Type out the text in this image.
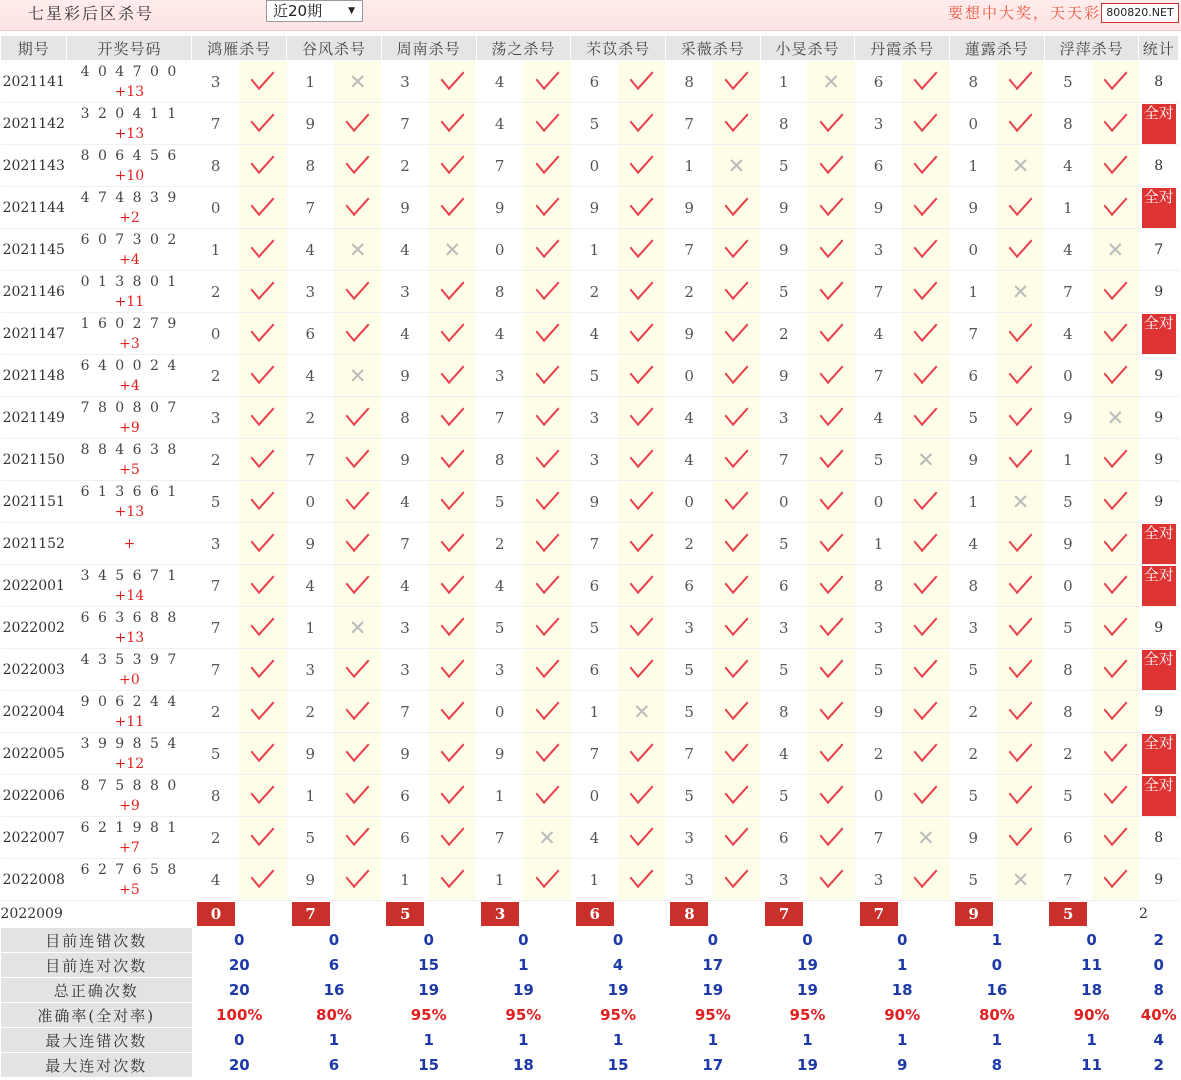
七星彩后区杀号	近20期	▼	要想中大奖，天天彩 800820.NET
期号	开奖号码	鸿雁杀号		谷风杀号		周南杀号		荡之杀号		芣苡杀号		采薇杀号		小旻杀号		丹霞杀号		蓮露杀号		浮萍杀号		统计
2021141	4 0 4 7 0 0
+13	3		1	✕	3		4		6		8		1	✕	6		8		5		8
2021142	3 2 0 4 1 1
+13	7		9		7		4		5		7		8		3		0		8		全对
2021143	8 0 6 4 5 6
+10	8		8		2		7		0		1	✕	5		6		1	✕	4		8
2021144	4 7 4 8 3 9
+2	0		7		9		9		9		9		9		9		9		1		全对
2021145	6 0 7 3 0 2
+4	1		4	✕	4	✕	0		1		7		9		3		0		4	✕	7
2021146	0 1 3 8 0 1
+11	2		3		3		8		2		2		5		7		1	✕	7		9
2021147	1 6 0 2 7 9
+3	0		6		4		4		4		9		2		4		7		4		全对
2021148	6 4 0 0 2 4
+4	2		4	✕	9		3		5		0		9		7		6		0		9
2021149	7 8 0 8 0 7
+9	3		2		8		7		3		4		3		4		5		9	✕	9
2021150	8 8 4 6 3 8
+5	2		7		9		8		3		4		7		5	✕	9		1		9
2021151	6 1 3 6 6 1
+13	5		0		4		5		9		0		0		0		1	✕	5		9
2021152	+	3		9		7		2		7		2		5		1		4		9		全对
2022001	3 4 5 6 7 1
+14	7		4		4		4		6		6		6		8		8		0		全对
2022002	6 6 3 6 8 8
+13	7		1	✕	3		5		5		3		3		3		3		5		9
2022003	4 3 5 3 9 7
+0	7		3		3		3		6		5		5		5		5		8		全对
2022004	9 0 6 2 4 4
+11	2		2		7		0		1	✕	5		8		9		2		8		9
2022005	3 9 9 8 5 4
+12	5		9		9		9		7		7		4		2		2		2		全对
2022006	8 7 5 8 8 0
+9	8		1		6		1		0		5		5		0		5		5		全对
2022007	6 2 1 9 8 1
+7	2		5		6		7	✕	4		3		6		7	✕	9		6		8
2022008	6 2 7 6 5 8
+5	4		9		1		1		1		3		3		3		5	✕	7		9
2022009	当前期杀号	0		7		5		3		6		8		7		7		9		5		2
目前连错次数		0		0		0		0		0		0		0		0		1		0		2
目前连对次数		20		6		15		1		4		17		19		1		0		11		0
总正确次数		20		16		19		19		19		19		19		18		16		18		8
准确率(全对率)		100%		80%		95%		95%		95%		95%		95%		90%		80%		90%		40%
最大连错次数		0		1		1		1		1		1		1		1		1		1		4
最大连对次数		20		6		15		18		15		17		19		9		8		11		2
